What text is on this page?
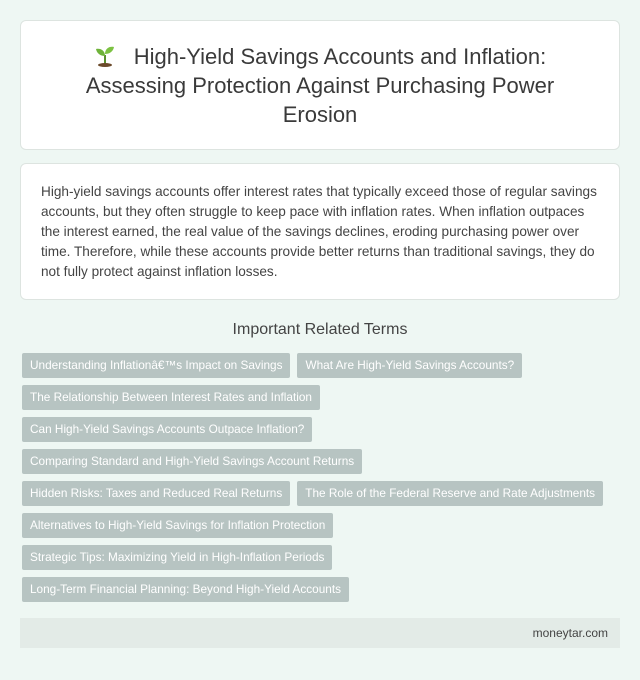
High-Yield Savings Accounts and Inflation: Assessing Protection Against Purchasing Power Erosion

High-yield savings accounts offer interest rates that typically exceed those of regular savings accounts, but they often struggle to keep pace with inflation rates. When inflation outpaces the interest earned, the real value of the savings declines, eroding purchasing power over time. Therefore, while these accounts provide better returns than traditional savings, they do not fully protect against inflation losses.

Important Related Terms
Understanding Inflationâ€™s Impact on Savings	What Are High-Yield Savings Accounts?
The Relationship Between Interest Rates and Inflation
Can High-Yield Savings Accounts Outpace Inflation?
Comparing Standard and High-Yield Savings Account Returns
Hidden Risks: Taxes and Reduced Real Returns	The Role of the Federal Reserve and Rate Adjustments
Alternatives to High-Yield Savings for Inflation Protection
Strategic Tips: Maximizing Yield in High-Inflation Periods
Long-Term Financial Planning: Beyond High-Yield Accounts
moneytar.com
